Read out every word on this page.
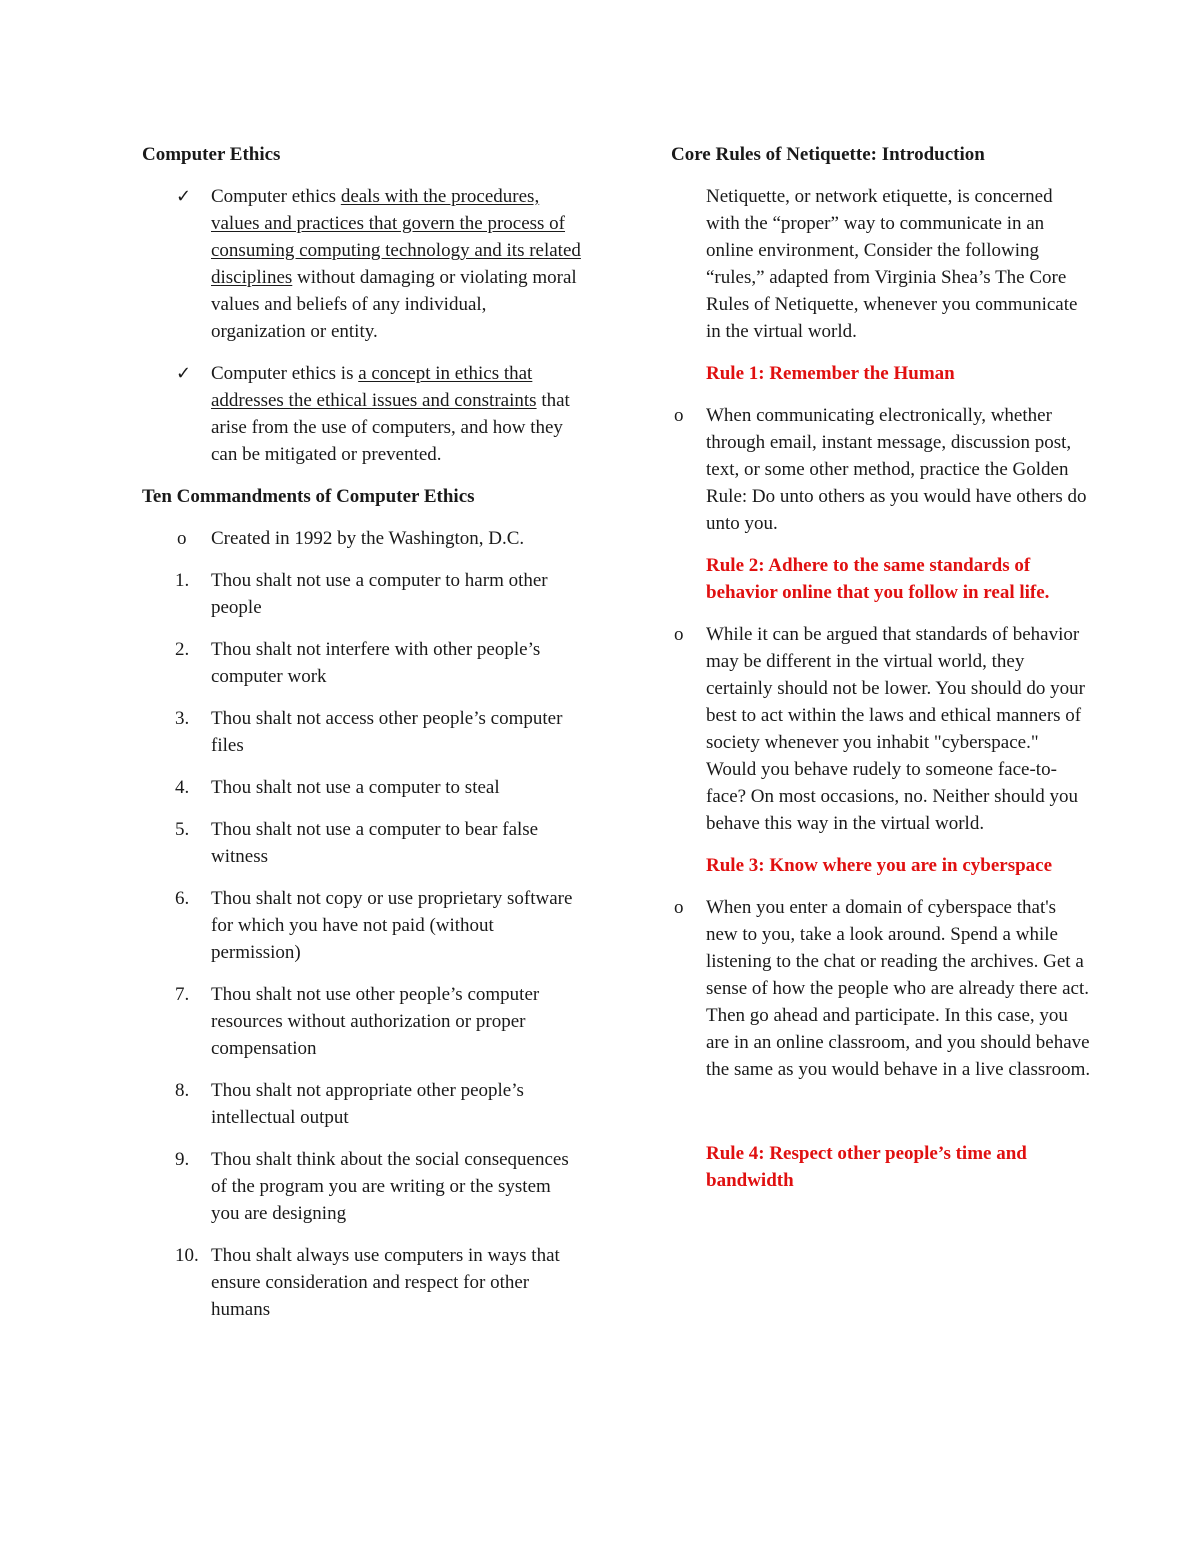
Computer Ethics
✓ Computer ethics deals with the procedures, values and practices that govern the process of consuming computing technology and its related disciplines without damaging or violating moral values and beliefs of any individual, organization or entity.
✓ Computer ethics is a concept in ethics that addresses the ethical issues and constraints that arise from the use of computers, and how they can be mitigated or prevented.
Ten Commandments of Computer Ethics
o Created in 1992 by the Washington, D.C.
1. Thou shalt not use a computer to harm other people
2. Thou shalt not interfere with other people’s computer work
3. Thou shalt not access other people’s computer files
4. Thou shalt not use a computer to steal
5. Thou shalt not use a computer to bear false witness
6. Thou shalt not copy or use proprietary software for which you have not paid (without permission)
7. Thou shalt not use other people’s computer resources without authorization or proper compensation
8. Thou shalt not appropriate other people’s intellectual output
9. Thou shalt think about the social consequences of the program you are writing or the system you are designing
10. Thou shalt always use computers in ways that ensure consideration and respect for other humans
Core Rules of Netiquette: Introduction
Netiquette, or network etiquette, is concerned with the “proper” way to communicate in an online environment, Consider the following “rules,” adapted from Virginia Shea’s The Core Rules of Netiquette, whenever you communicate in the virtual world.
Rule 1: Remember the Human
o When communicating electronically, whether through email, instant message, discussion post, text, or some other method, practice the Golden Rule: Do unto others as you would have others do unto you.
Rule 2: Adhere to the same standards of behavior online that you follow in real life.
o While it can be argued that standards of behavior may be different in the virtual world, they certainly should not be lower. You should do your best to act within the laws and ethical manners of society whenever you inhabit "cyberspace." Would you behave rudely to someone face-to-face? On most occasions, no. Neither should you behave this way in the virtual world.
Rule 3: Know where you are in cyberspace
o When you enter a domain of cyberspace that's new to you, take a look around. Spend a while listening to the chat or reading the archives. Get a sense of how the people who are already there act. Then go ahead and participate. In this case, you are in an online classroom, and you should behave the same as you would behave in a live classroom.
Rule 4: Respect other people’s time and bandwidth
